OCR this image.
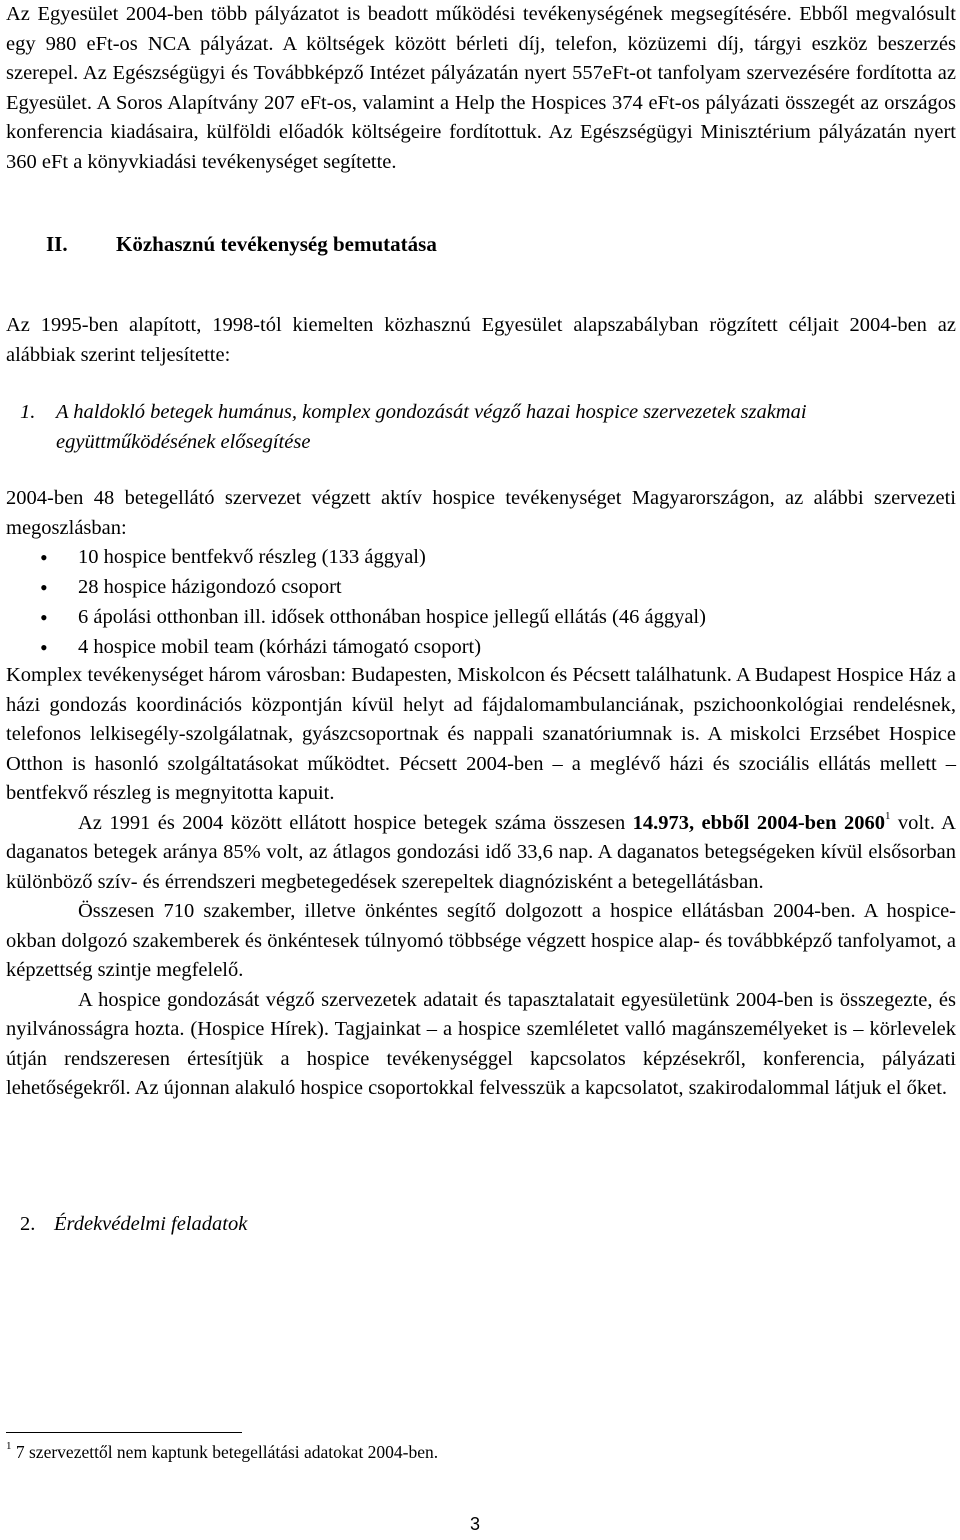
Az Egyesület 2004-ben több pályázatot is beadott működési tevékenységének megsegítésére. Ebből megvalósult egy 980 eFt-os NCA pályázat. A költségek között bérleti díj, telefon, közüzemi díj, tárgyi eszköz beszerzés szerepel. Az Egészségügyi és Továbbképző Intézet pályázatán nyert 557eFt-ot tanfolyam szervezésére fordította az Egyesület. A Soros Alapítvány 207 eFt-os, valamint a Help the Hospices 374 eFt-os pályázati összegét az országos konferencia kiadásaira, külföldi előadók költségeire fordítottuk. Az Egészségügyi Minisztérium pályázatán nyert 360 eFt a könyvkiadási tevékenységet segítette.

II. Közhasznú tevékenység bemutatása

Az 1995-ben alapított, 1998-tól kiemelten közhasznú Egyesület alapszabályban rögzített céljait 2004-ben az alábbiak szerint teljesítette:

1. A haldokló betegek humánus, komplex gondozását végző hazai hospice szervezetek szakmai együttműködésének elősegítése

2004-ben 48 betegellátó szervezet végzett aktív hospice tevékenységet Magyarországon, az alábbi szervezeti megoszlásban:

• 10 hospice bentfekvő részleg (133 ággyal)
• 28 hospice házigondozó csoport
• 6 ápolási otthonban ill. idősek otthonában hospice jellegű ellátás (46 ággyal)
• 4 hospice mobil team (kórházi támogató csoport)

Komplex tevékenységet három városban: Budapesten, Miskolcon és Pécsett találhatunk. A Budapest Hospice Ház a házi gondozás koordinációs központján kívül helyt ad fájdalomambulanciának, pszichoonkológiai rendelésnek, telefonos lelkisegély-szolgálatnak, gyászcsoportnak és nappali szanatóriumnak is. A miskolci Erzsébet Hospice Otthon is hasonló szolgáltatásokat működtet. Pécsett 2004-ben – a meglévő házi és szociális ellátás mellett – bentfekvő részleg is megnyitotta kapuit.

Az 1991 és 2004 között ellátott hospice betegek száma összesen 14.973, ebből 2004-ben 2060$^1$ volt. A daganatos betegek aránya 85% volt, az átlagos gondozási idő 33,6 nap. A daganatos betegségeken kívül elsősorban különböző szív- és érrendszeri megbetegedések szerepeltek diagnózisként a betegellátásban.

Összesen 710 szakember, illetve önkéntes segítő dolgozott a hospice ellátásban 2004-ben. A hospice-okban dolgozó szakemberek és önkéntesek túlnyomó többsége végzett hospice alap- és továbbképző tanfolyamot, a képzettség szintje megfelelő.

A hospice gondozását végző szervezetek adatait és tapasztalatait egyesületünk 2004-ben is összegezte, és nyilvánosságra hozta. (Hospice Hírek). Tagjainkat – a hospice szemléletet valló magánszemélyeket is – körlevelek útján rendszeresen értesítjük a hospice tevékenységgel kapcsolatos képzésekről, konferencia, pályázati lehetőségekről. Az újonnan alakuló hospice csoportokkal felvesszük a kapcsolatot, szakirodalommal látjuk el őket.

2. Érdekvédelmi feladatok
$^1$ 7 szervezettől nem kaptunk betegellátási adatokat 2004-ben.
3
